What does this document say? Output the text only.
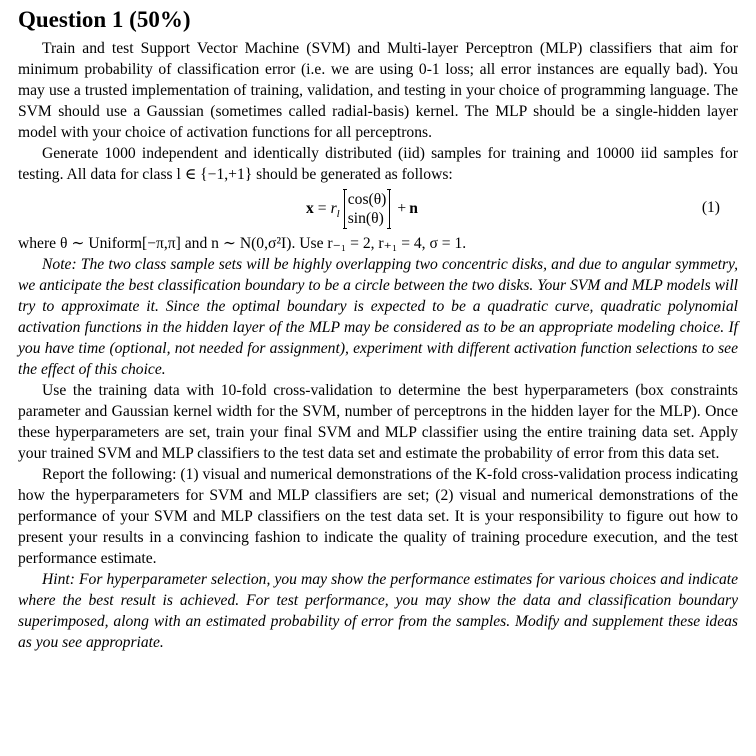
Question 1 (50%)

Train and test Support Vector Machine (SVM) and Multi-layer Perceptron (MLP) classifiers that aim for minimum probability of classification error (i.e. we are using 0-1 loss; all error instances are equally bad). You may use a trusted implementation of training, validation, and testing in your choice of programming language. The SVM should use a Gaussian (sometimes called radial-basis) kernel. The MLP should be a single-hidden layer model with your choice of activation functions for all perceptrons.

Generate 1000 independent and identically distributed (iid) samples for training and 10000 iid samples for testing. All data for class l ∈ {−1,+1} should be generated as follows:

x = r l
cos(θ)
sin(θ)
+ n	(1)

where θ ∼ Uniform[−π,π] and n ∼ N(0,σ²I). Use r₋₁ = 2, r₊₁ = 4, σ = 1.

Note: The two class sample sets will be highly overlapping two concentric disks, and due to angular symmetry, we anticipate the best classification boundary to be a circle between the two disks. Your SVM and MLP models will try to approximate it. Since the optimal boundary is expected to be a quadratic curve, quadratic polynomial activation functions in the hidden layer of the MLP may be considered as to be an appropriate modeling choice. If you have time (optional, not needed for assignment), experiment with different activation function selections to see the effect of this choice.

Use the training data with 10-fold cross-validation to determine the best hyperparameters (box constraints parameter and Gaussian kernel width for the SVM, number of perceptrons in the hidden layer for the MLP). Once these hyperparameters are set, train your final SVM and MLP classifier using the entire training data set. Apply your trained SVM and MLP classifiers to the test data set and estimate the probability of error from this data set.

Report the following: (1) visual and numerical demonstrations of the K-fold cross-validation process indicating how the hyperparameters for SVM and MLP classifiers are set; (2) visual and numerical demonstrations of the performance of your SVM and MLP classifiers on the test data set. It is your responsibility to figure out how to present your results in a convincing fashion to indicate the quality of training procedure execution, and the test performance estimate.

Hint: For hyperparameter selection, you may show the performance estimates for various choices and indicate where the best result is achieved. For test performance, you may show the data and classification boundary superimposed, along with an estimated probability of error from the samples. Modify and supplement these ideas as you see appropriate.
